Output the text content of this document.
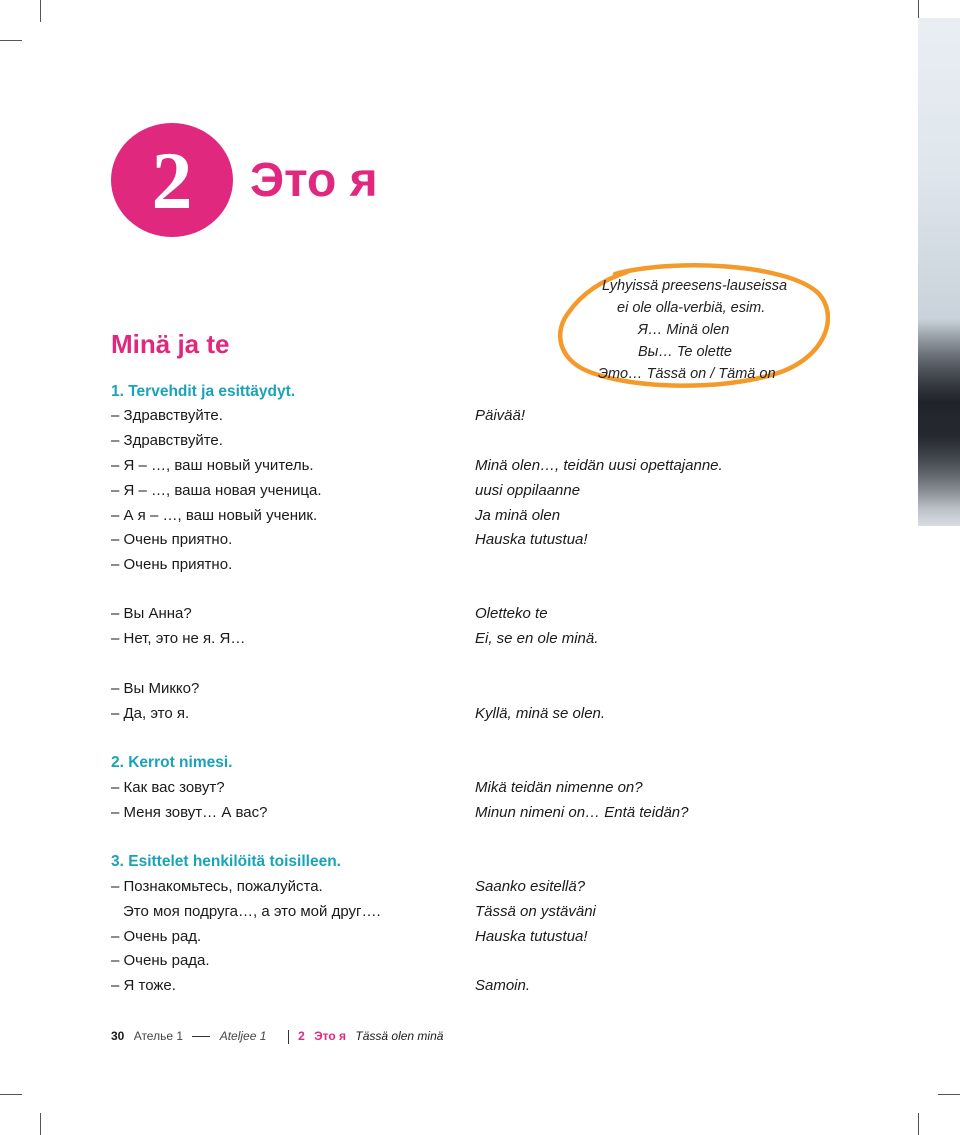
2 Это я
Lyhyissä preesens-lauseissa
ei ole olla-verbiä, esim.
Я… Minä olen
Вы… Te olette
Это… Tässä on / Tämä on
Minä ja te
1. Tervehdit ja esittäydyt.
– Здравствуйте.	Päivää!
– Здравствуйте.
– Я – …, ваш новый учитель.	Minä olen…, teidän uusi opettajanne.
– Я – …, ваша новая ученица.	uusi oppilaanne
– А я – …, ваш новый ученик.	Ja minä olen
– Очень приятно.	Hauska tutustua!
– Очень приятно.
– Вы Анна?	Oletteko te
– Нет, это не я. Я…	Ei, se en ole minä.
– Вы Микко?
– Да, это я.	Kyllä, minä se olen.
2. Kerrot nimesi.
– Как вас зовут?	Mikä teidän nimenne on?
– Меня зовут… А вас?	Minun nimeni on… Entä teidän?
3. Esittelet henkilöitä toisilleen.
– Познакомьтесь, пожалуйста.	Saanko esitellä?
Это моя подруга…, а это мой друг….	Tässä on ystäväni
– Очень рад.	Hauska tutustua!
– Очень рада.
– Я тоже.	Samoin.
30 Ателье 1	Ateljee 1	2 Это я Tässä olen minä
